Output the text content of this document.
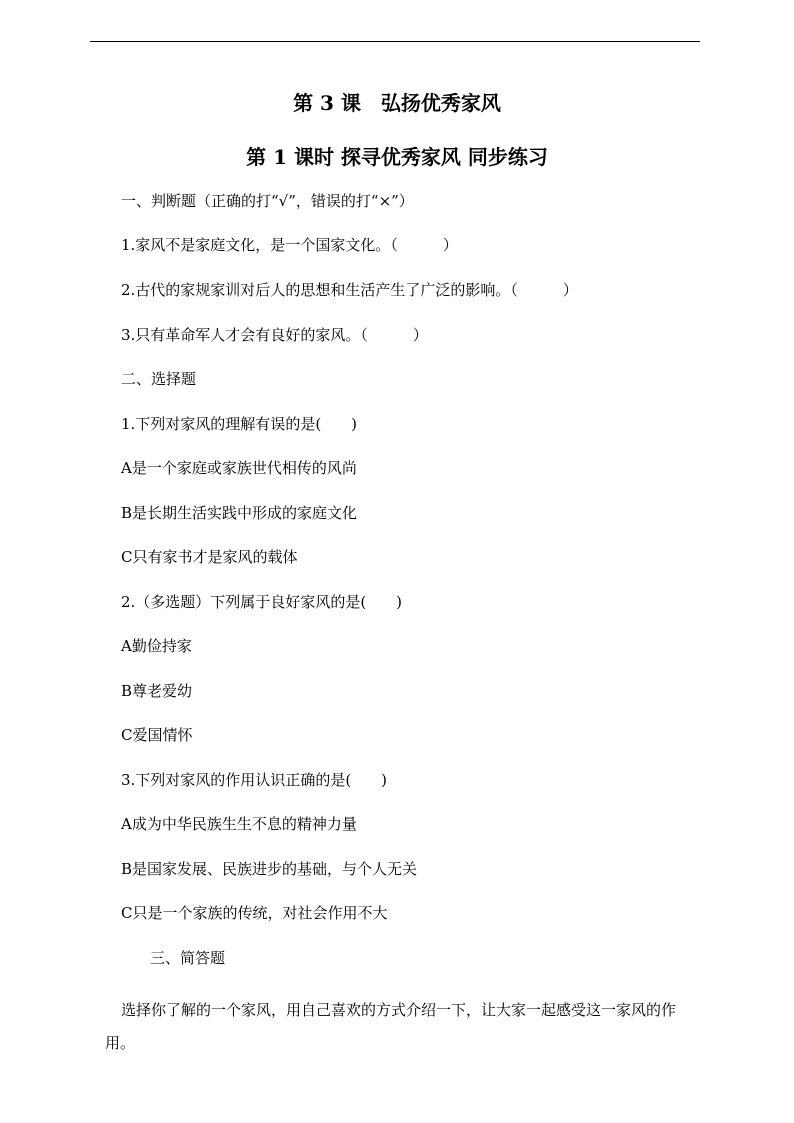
第 3 课　弘扬优秀家风
第 1 课时 探寻优秀家风 同步练习
一、判断题（正确的打“√”，错误的打“×”）
1.家风不是家庭文化，是一个国家文化。（　　　）
2.古代的家规家训对后人的思想和生活产生了广泛的影响。（　　　）
3.只有革命军人才会有良好的家风。（　　　）
二、选择题
1.下列对家风的理解有误的是(　　)
A是一个家庭或家族世代相传的风尚
B是长期生活实践中形成的家庭文化
C只有家书才是家风的载体
2.（多选题）下列属于良好家风的是(　　)
A勤俭持家
B尊老爱幼
C爱国情怀
3.下列对家风的作用认识正确的是(　　)
A成为中华民族生生不息的精神力量
B是国家发展、民族进步的基础，与个人无关
C只是一个家族的传统，对社会作用不大
三、简答题
选择你了解的一个家风，用自己喜欢的方式介绍一下，让大家一起感受这一家风的作用。
